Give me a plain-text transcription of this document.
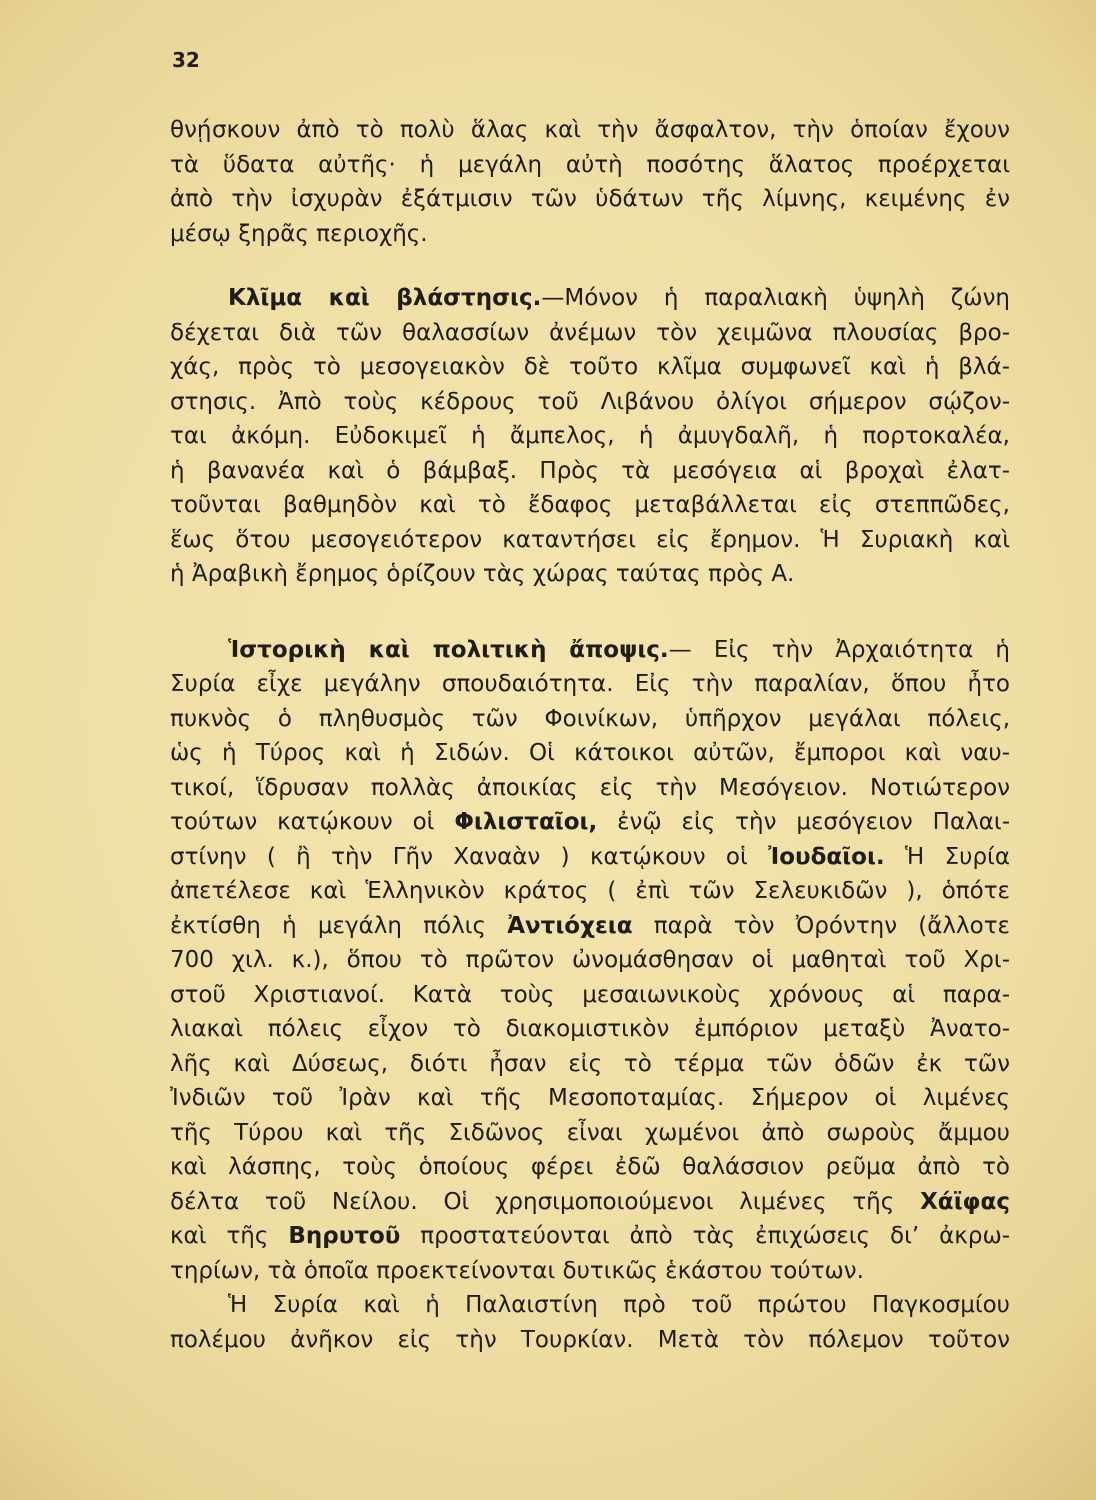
32
θνῄσκουν ἀπὸ τὸ πολὺ ἅλας καὶ τὴν ἄσφαλτον, τὴν ὁποίαν ἔχουν
τὰ ὕδατα αὐτῆς· ἡ μεγάλη αὐτὴ ποσότης ἅλατος προέρχεται
ἀπὸ τὴν ἰσχυρὰν ἐξάτμισιν τῶν ὑδάτων τῆς λίμνης, κειμένης ἐν
μέσῳ ξηρᾶς περιοχῆς.
Κλῖμα καὶ βλάστησις.—Μόνον ἡ παραλιακὴ ὑψηλὴ ζώνη
δέχεται διὰ τῶν θαλασσίων ἀνέμων τὸν χειμῶνα πλουσίας βρο-
χάς, πρὸς τὸ μεσογειακὸν δὲ τοῦτο κλῖμα συμφωνεῖ καὶ ἡ βλά-
στησις. Ἀπὸ τοὺς κέδρους τοῦ Λιβάνου ὀλίγοι σήμερον σῴζον-
ται ἀκόμη. Εὐδοκιμεῖ ἡ ἄμπελος, ἡ ἀμυγδαλῆ, ἡ πορτοκαλέα,
ἡ βανανέα καὶ ὁ βάμβαξ. Πρὸς τὰ μεσόγεια αἱ βροχαὶ ἐλατ-
τοῦνται βαθμηδὸν καὶ τὸ ἔδαφος μεταβάλλεται εἰς στεππῶδες,
ἕως ὅτου μεσογειότερον καταντήσει εἰς ἔρημον. Ἡ Συριακὴ καὶ
ἡ Ἀραβικὴ ἔρημος ὁρίζουν τὰς χώρας ταύτας πρὸς Α.
Ἱστορικὴ καὶ πολιτικὴ ἄποψις.— Εἰς τὴν Ἀρχαιότητα ἡ
Συρία εἶχε μεγάλην σπουδαιότητα. Εἰς τὴν παραλίαν, ὅπου ἦτο
πυκνὸς ὁ πληθυσμὸς τῶν Φοινίκων, ὑπῆρχον μεγάλαι πόλεις,
ὡς ἡ Τύρος καὶ ἡ Σιδών. Οἱ κάτοικοι αὐτῶν, ἔμποροι καὶ ναυ-
τικοί, ἵδρυσαν πολλὰς ἀποικίας εἰς τὴν Μεσόγειον. Νοτιώτερον
τούτων κατῴκουν οἱ Φιλισταῖοι, ἐνῷ εἰς τὴν μεσόγειον Παλαι-
στίνην ( ἢ τὴν Γῆν Χαναὰν ) κατῴκουν οἱ Ἰουδαῖοι. Ἡ Συρία
ἀπετέλεσε καὶ Ἑλληνικὸν κράτος ( ἐπὶ τῶν Σελευκιδῶν ), ὁπότε
ἐκτίσθη ἡ μεγάλη πόλις Ἀντιόχεια παρὰ τὸν Ὀρόντην (ἄλλοτε
700 χιλ. κ.), ὅπου τὸ πρῶτον ὠνομάσθησαν οἱ μαθηταὶ τοῦ Χρι-
στοῦ Χριστιανοί. Κατὰ τοὺς μεσαιωνικοὺς χρόνους αἱ παρα-
λιακαὶ πόλεις εἶχον τὸ διακομιστικὸν ἐμπόριον μεταξὺ Ἀνατο-
λῆς καὶ Δύσεως, διότι ἦσαν εἰς τὸ τέρμα τῶν ὁδῶν ἐκ τῶν
Ἰνδιῶν τοῦ Ἰρὰν καὶ τῆς Μεσοποταμίας. Σήμερον οἱ λιμένες
τῆς Τύρου καὶ τῆς Σιδῶνος εἶναι χωμένοι ἀπὸ σωροὺς ἄμμου
καὶ λάσπης, τοὺς ὁποίους φέρει ἐδῶ θαλάσσιον ρεῦμα ἀπὸ τὸ
δέλτα τοῦ Νείλου. Οἱ χρησιμοποιούμενοι λιμένες τῆς Χάϊφας
καὶ τῆς Βηρυτοῦ προστατεύονται ἀπὸ τὰς ἐπιχώσεις δι’ ἀκρω-
τηρίων, τὰ ὁποῖα προεκτείνονται δυτικῶς ἑκάστου τούτων.
Ἡ Συρία καὶ ἡ Παλαιστίνη πρὸ τοῦ πρώτου Παγκοσμίου
πολέμου ἀνῆκον εἰς τὴν Τουρκίαν. Μετὰ τὸν πόλεμον τοῦτον
